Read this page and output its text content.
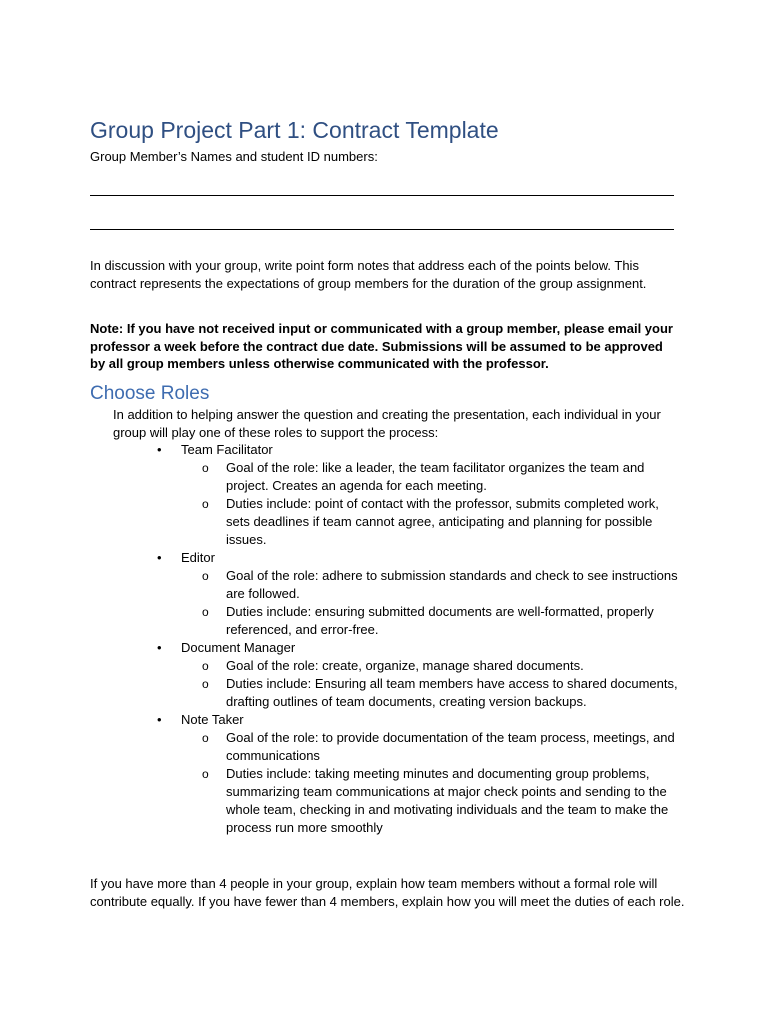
Group Project Part 1: Contract Template

Group Member’s Names and student ID numbers:

In discussion with your group, write point form notes that address each of the points below. This contract represents the expectations of group members for the duration of the group assignment.

Note: If you have not received input or communicated with a group member, please email your professor a week before the contract due date. Submissions will be assumed to be approved by all group members unless otherwise communicated with the professor.

Choose Roles

In addition to helping answer the question and creating the presentation, each individual in your group will play one of these roles to support the process:

• Team Facilitator
o Goal of the role: like a leader, the team facilitator organizes the team and project. Creates an agenda for each meeting.
o Duties include: point of contact with the professor, submits completed work, sets deadlines if team cannot agree, anticipating and planning for possible issues.
• Editor
o Goal of the role: adhere to submission standards and check to see instructions are followed.
o Duties include: ensuring submitted documents are well-formatted, properly referenced, and error-free.
• Document Manager
o Goal of the role: create, organize, manage shared documents.
o Duties include: Ensuring all team members have access to shared documents, drafting outlines of team documents, creating version backups.
• Note Taker
o Goal of the role: to provide documentation of the team process, meetings, and communications
o Duties include: taking meeting minutes and documenting group problems, summarizing team communications at major check points and sending to the whole team, checking in and motivating individuals and the team to make the process run more smoothly

If you have more than 4 people in your group, explain how team members without a formal role will contribute equally. If you have fewer than 4 members, explain how you will meet the duties of each role.
